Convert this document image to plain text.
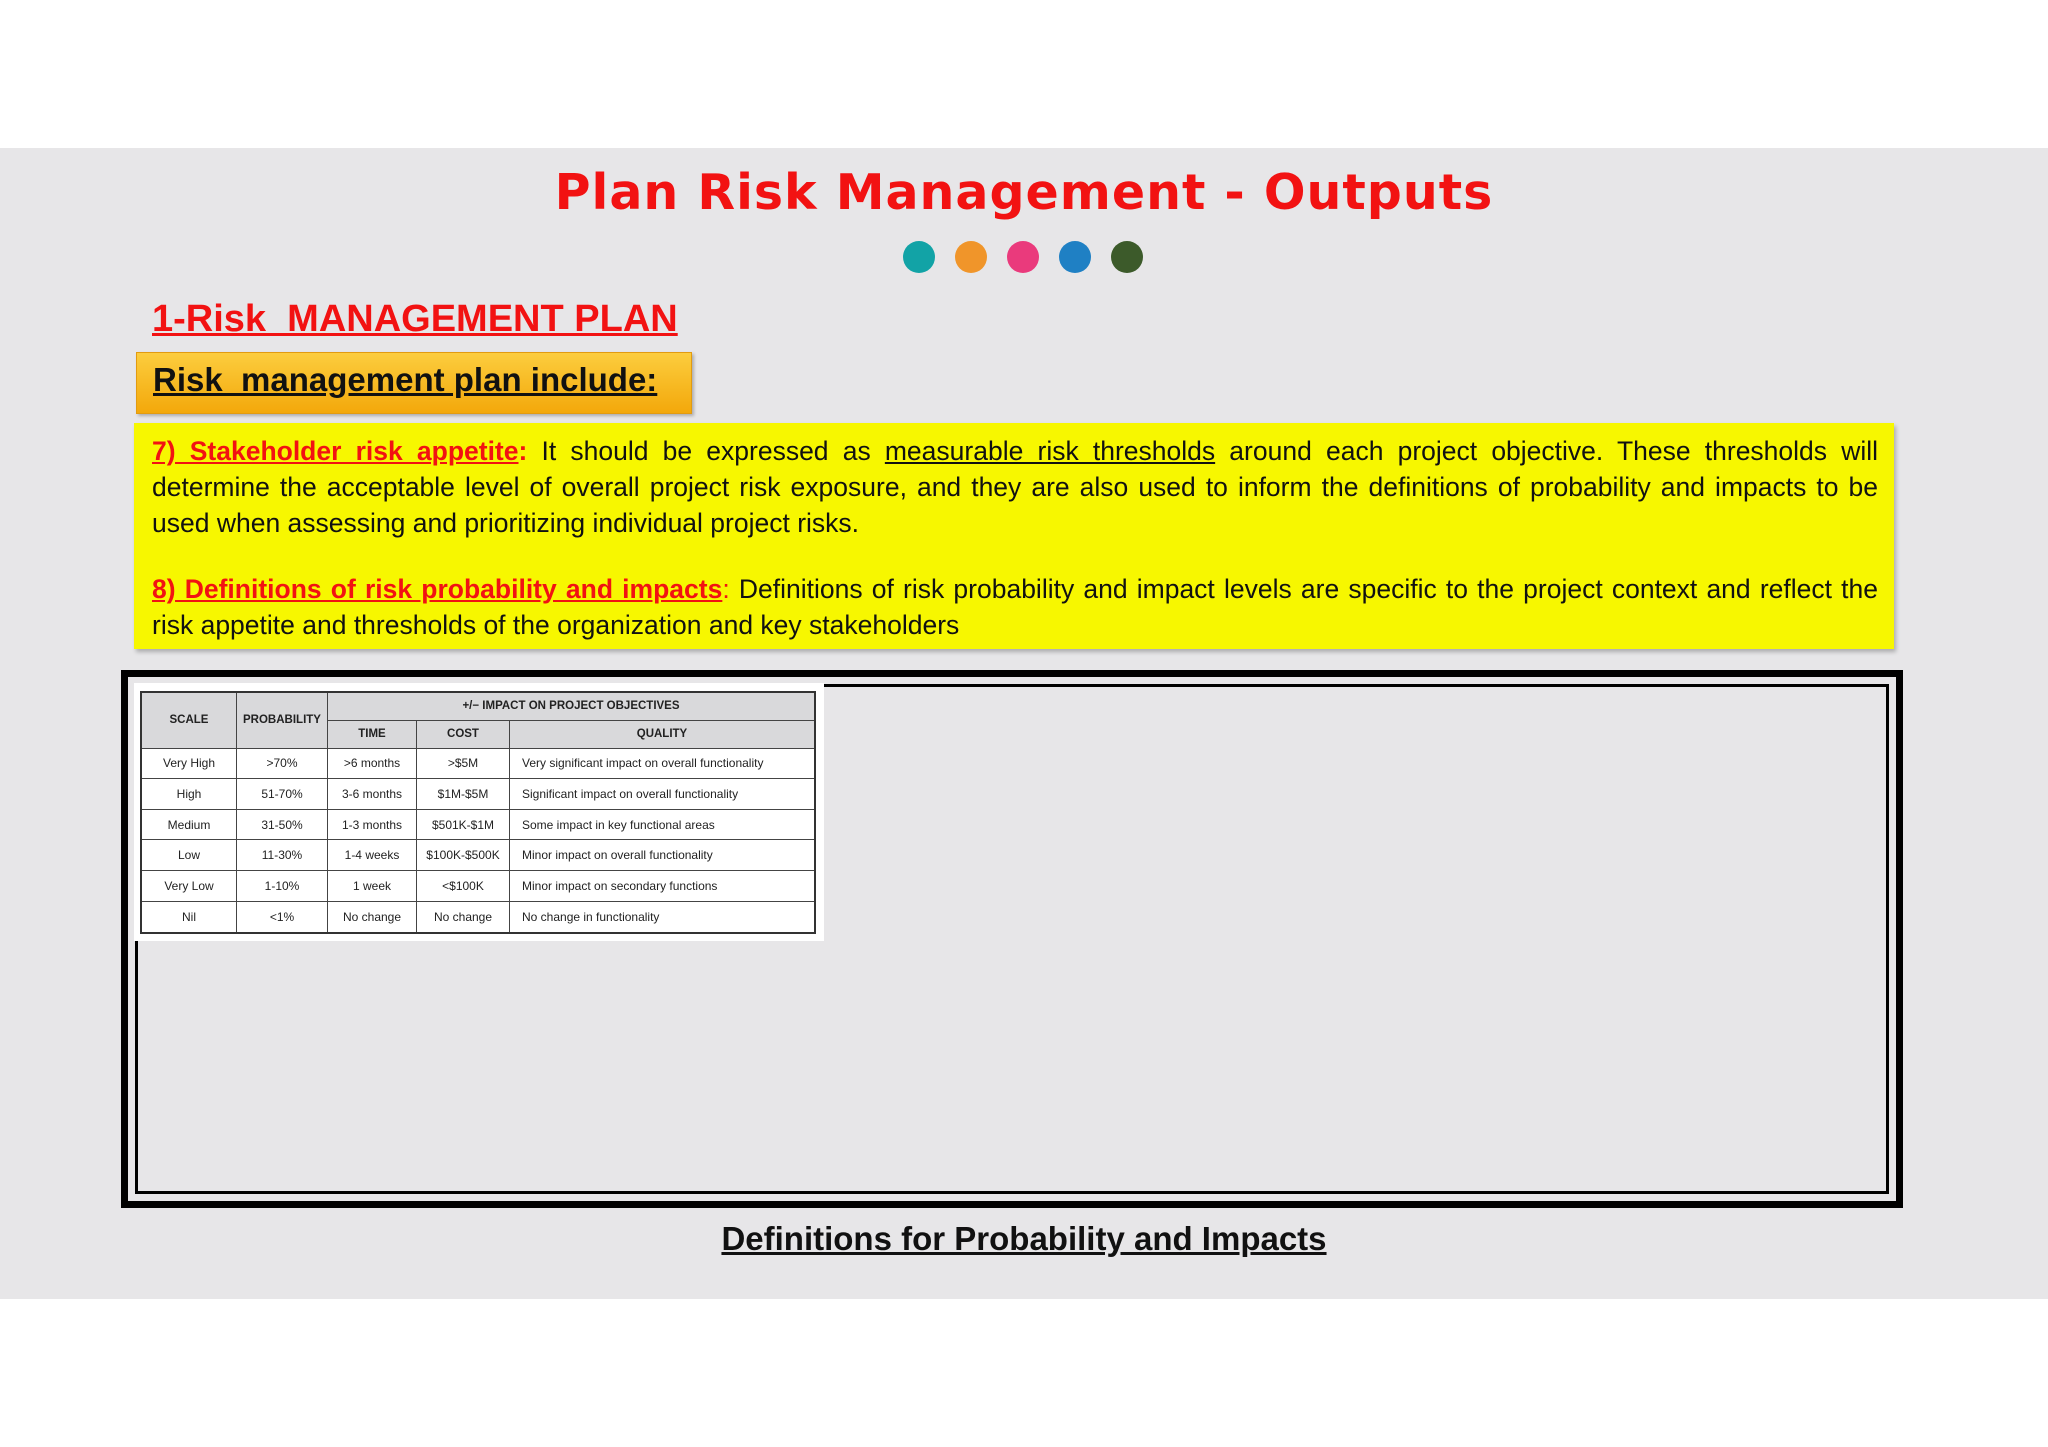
Plan Risk Management - Outputs
1-Risk  MANAGEMENT PLAN
Risk  management plan include:
7) Stakeholder risk appetite: It should be expressed as measurable risk thresholds around each project objective. These thresholds will determine the acceptable level of overall project risk exposure, and they are also used to inform the definitions of probability and impacts to be used when assessing and prioritizing individual project risks.
8) Definitions of risk probability and impacts: Definitions of risk probability and impact levels are specific to the project context and reflect the risk appetite and thresholds of the organization and key stakeholders
SCALE	PROBABILITY	+/− IMPACT ON PROJECT OBJECTIVES		
		TIME	COST	QUALITY
Very High	>70%	>6 months	>$5M	Very significant impact on overall functionality
High	51-70%	3-6 months	$1M-$5M	Significant impact on overall functionality
Medium	31-50%	1-3 months	$501K-$1M	Some impact in key functional areas
Low	11-30%	1-4 weeks	$100K-$500K	Minor impact on overall functionality
Very Low	1-10%	1 week	<$100K	Minor impact on secondary functions
Nil	<1%	No change	No change	No change in functionality
Definitions for Probability and Impacts
